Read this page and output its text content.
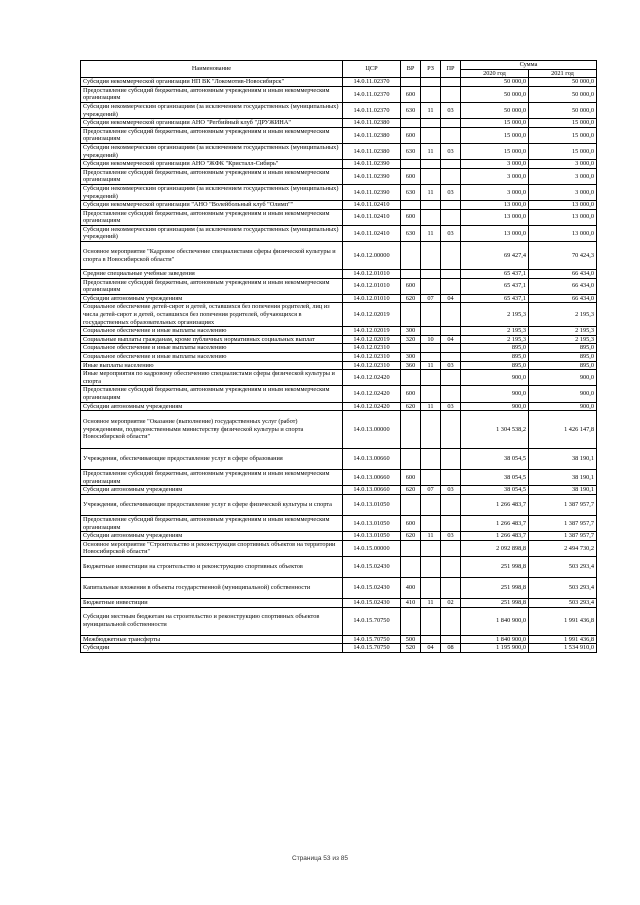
Наименование	ЦСР	ВР	РЗ	ПР	Сумма	
					2020 год	2021 год
Субсидия некоммерческой организации НП ВК "Локомотив-Новосибирск"	14.0.11.02370				50 000,0	50 000,0
Предоставление субсидий бюджетным, автономным учреждениям и иным некоммерческим организациям	14.0.11.02370	600			50 000,0	50 000,0
Субсидии некоммерческим организациям (за исключением государственных (муниципальных) учреждений)	14.0.11.02370	630	11	03	50 000,0	50 000,0
Субсидия некоммерческой организации АНО "Регбийный клуб "ДРУЖИНА"	14.0.11.02380				15 000,0	15 000,0
Предоставление субсидий бюджетным, автономным учреждениям и иным некоммерческим организациям	14.0.11.02380	600			15 000,0	15 000,0
Субсидии некоммерческим организациям (за исключением государственных (муниципальных) учреждений)	14.0.11.02380	630	11	03	15 000,0	15 000,0
Субсидия некоммерческой организации АНО "ЖФК "Кристалл-Сибирь"	14.0.11.02390				3 000,0	3 000,0
Предоставление субсидий бюджетным, автономным учреждениям и иным некоммерческим организациям	14.0.11.02390	600			3 000,0	3 000,0
Субсидии некоммерческим организациям (за исключением государственных (муниципальных) учреждений)	14.0.11.02390	630	11	03	3 000,0	3 000,0
Субсидия некоммерческой организации "АНО "Волейбольный клуб "Олимп""	14.0.11.02410				13 000,0	13 000,0
Предоставление субсидий бюджетным, автономным учреждениям и иным некоммерческим организациям	14.0.11.02410	600			13 000,0	13 000,0
Субсидии некоммерческим организациям (за исключением государственных (муниципальных) учреждений)	14.0.11.02410	630	11	03	13 000,0	13 000,0
Основное мероприятие "Кадровое обеспечение специалистами сферы физической культуры и спорта в Новосибирской области"	14.0.12.00000				69 427,4	70 424,3
Средние специальные учебные заведения	14.0.12.01010				65 437,1	66 434,0
Предоставление субсидий бюджетным, автономным учреждениям и иным некоммерческим организациям	14.0.12.01010	600			65 437,1	66 434,0
Субсидии автономным учреждениям	14.0.12.01010	620	07	04	65 437,1	66 434,0
Социальное обеспечение детей-сирот и детей, оставшихся без попечения родителей, лиц из числа детей-сирот и детей, оставшихся без попечения родителей, обучающихся в государственных образовательных организациях	14.0.12.02019				2 195,3	2 195,3
Социальное обеспечение и иные выплаты населению	14.0.12.02019	300			2 195,3	2 195,3
Социальные выплаты гражданам, кроме публичных нормативных социальных выплат	14.0.12.02019	320	10	04	2 195,3	2 195,3
Социальное обеспечение и иные выплаты населению	14.0.12.02310				895,0	895,0
Социальное обеспечение и иные выплаты населению	14.0.12.02310	300			895,0	895,0
Иные выплаты населению	14.0.12.02310	360	11	03	895,0	895,0
Иные мероприятия по кадровому обеспечению специалистами сферы физической культуры и спорта	14.0.12.02420				900,0	900,0
Предоставление субсидий бюджетным, автономным учреждениям и иным некоммерческим организациям	14.0.12.02420	600			900,0	900,0
Субсидии автономным учреждениям	14.0.12.02420	620	11	03	900,0	900,0
Основное мероприятие "Оказание (выполнение) государственных услуг (работ) учреждениями, подведомственными министерству физической культуры и спорта Новосибирской области"	14.0.13.00000				1 304 538,2	1 426 147,8
Учреждения, обеспечивающие предоставление услуг в сфере образования	14.0.13.00660				38 054,5	38 190,1
Предоставление субсидий бюджетным, автономным учреждениям и иным некоммерческим организациям	14.0.13.00660	600			38 054,5	38 190,1
Субсидии автономным учреждениям	14.0.13.00660	620	07	03	38 054,5	38 190,1
Учреждения, обеспечивающие предоставление услуг в сфере физической культуры и спорта	14.0.13.01050				1 266 483,7	1 387 957,7
Предоставление субсидий бюджетным, автономным учреждениям и иным некоммерческим организациям	14.0.13.01050	600			1 266 483,7	1 387 957,7
Субсидии автономным учреждениям	14.0.13.01050	620	11	03	1 266 483,7	1 387 957,7
Основное мероприятие "Строительство и реконструкция спортивных объектов на территории Новосибирской области"	14.0.15.00000				2 092 898,8	2 494 730,2
Бюджетные инвестиции на строительство и реконструкцию спортивных объектов	14.0.15.02430				251 998,8	503 293,4
Капитальные вложения в объекты государственной (муниципальной) собственности	14.0.15.02430	400			251 998,8	503 293,4
Бюджетные инвестиции	14.0.15.02430	410	11	02	251 998,8	503 293,4
Субсидии местным бюджетам на строительство и реконструкцию спортивных объектов муниципальной собственности	14.0.15.70750				1 840 900,0	1 991 436,8
Межбюджетные трансферты	14.0.15.70750	500			1 840 900,0	1 991 436,8
Субсидии	14.0.15.70750	520	04	08	1 195 900,0	1 534 910,0
Страница 53 из 85
